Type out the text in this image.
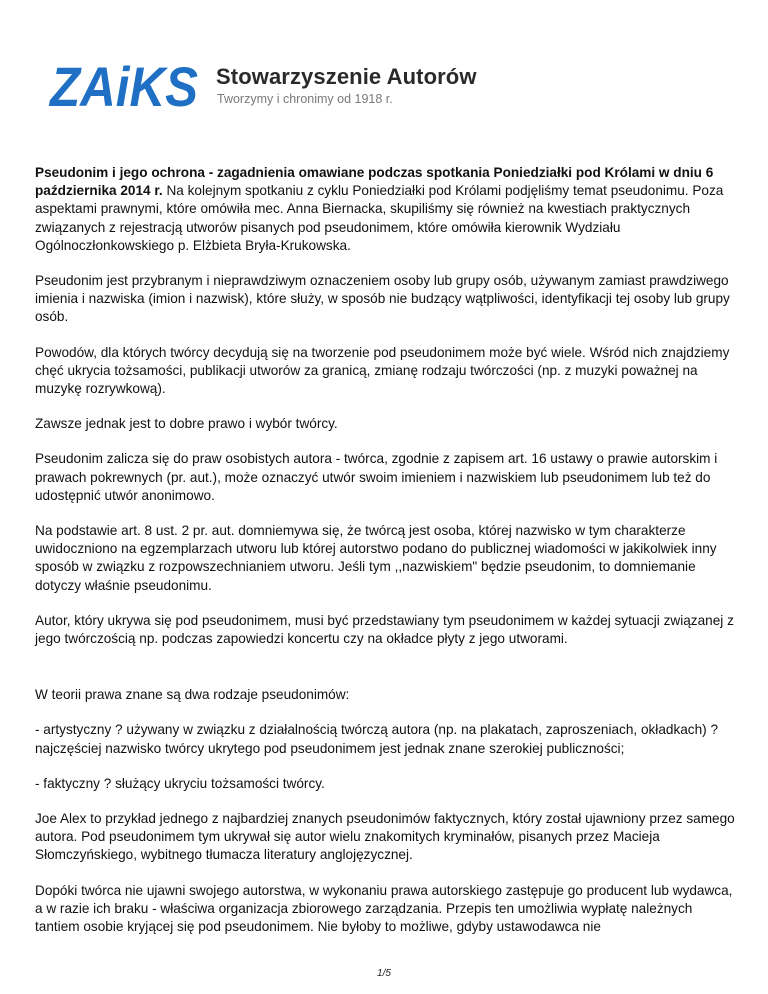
ZAiKS Stowarzyszenie Autorów
Tworzymy i chronimy od 1918 r.

Pseudonim i jego ochrona - zagadnienia omawiane podczas spotkania Poniedziałki pod Królami w dniu 6 października 2014 r. Na kolejnym spotkaniu z cyklu Poniedziałki pod Królami podjęliśmy temat pseudonimu. Poza aspektami prawnymi, które omówiła mec. Anna Biernacka, skupiliśmy się również na kwestiach praktycznych związanych z rejestracją utworów pisanych pod pseudonimem, które omówiła kierownik Wydziału Ogólnoczłonkowskiego p. Elżbieta Bryła-Krukowska.

Pseudonim jest przybranym i nieprawdziwym oznaczeniem osoby lub grupy osób, używanym zamiast prawdziwego imienia i nazwiska (imion i nazwisk), które służy, w sposób nie budzący wątpliwości, identyfikacji tej osoby lub grupy osób.

Powodów, dla których twórcy decydują się na tworzenie pod pseudonimem może być wiele. Wśród nich znajdziemy chęć ukrycia tożsamości, publikacji utworów za granicą, zmianę rodzaju twórczości (np. z muzyki poważnej na muzykę rozrywkową).

Zawsze jednak jest to dobre prawo i wybór twórcy.

Pseudonim zalicza się do praw osobistych autora - twórca, zgodnie z zapisem art. 16 ustawy o prawie autorskim i prawach pokrewnych (pr. aut.), może oznaczyć utwór swoim imieniem i nazwiskiem lub pseudonimem lub też do udostępnić utwór anonimowo.

Na podstawie art. 8 ust. 2 pr. aut. domniemywa się, że twórcą jest osoba, której nazwisko w tym charakterze uwidoczniono na egzemplarzach utworu lub której autorstwo podano do publicznej wiadomości w jakikolwiek inny sposób w związku z rozpowszechnianiem utworu. Jeśli tym ,,nazwiskiem" będzie pseudonim, to domniemanie dotyczy właśnie pseudonimu.

Autor, który ukrywa się pod pseudonimem, musi być przedstawiany tym pseudonimem w każdej sytuacji związanej z jego twórczością np. podczas zapowiedzi koncertu czy na okładce płyty z jego utworami.

W teorii prawa znane są dwa rodzaje pseudonimów:

- artystyczny ? używany w związku z działalnością twórczą autora (np. na plakatach, zaproszeniach, okładkach) ? najczęściej nazwisko twórcy ukrytego pod pseudonimem jest jednak znane szerokiej publiczności;

- faktyczny ? służący ukryciu tożsamości twórcy.

Joe Alex to przykład jednego z najbardziej znanych pseudonimów faktycznych, który został ujawniony przez samego autora. Pod pseudonimem tym ukrywał się autor wielu znakomitych kryminałów, pisanych przez Macieja Słomczyńskiego, wybitnego tłumacza literatury anglojęzycznej.

Dopóki twórca nie ujawni swojego autorstwa, w wykonaniu prawa autorskiego zastępuje go producent lub wydawca, a w razie ich braku - właściwa organizacja zbiorowego zarządzania. Przepis ten umożliwia wypłatę należnych tantiem osobie kryjącej się pod pseudonimem. Nie byłoby to możliwe, gdyby ustawodawca nie

1/5
